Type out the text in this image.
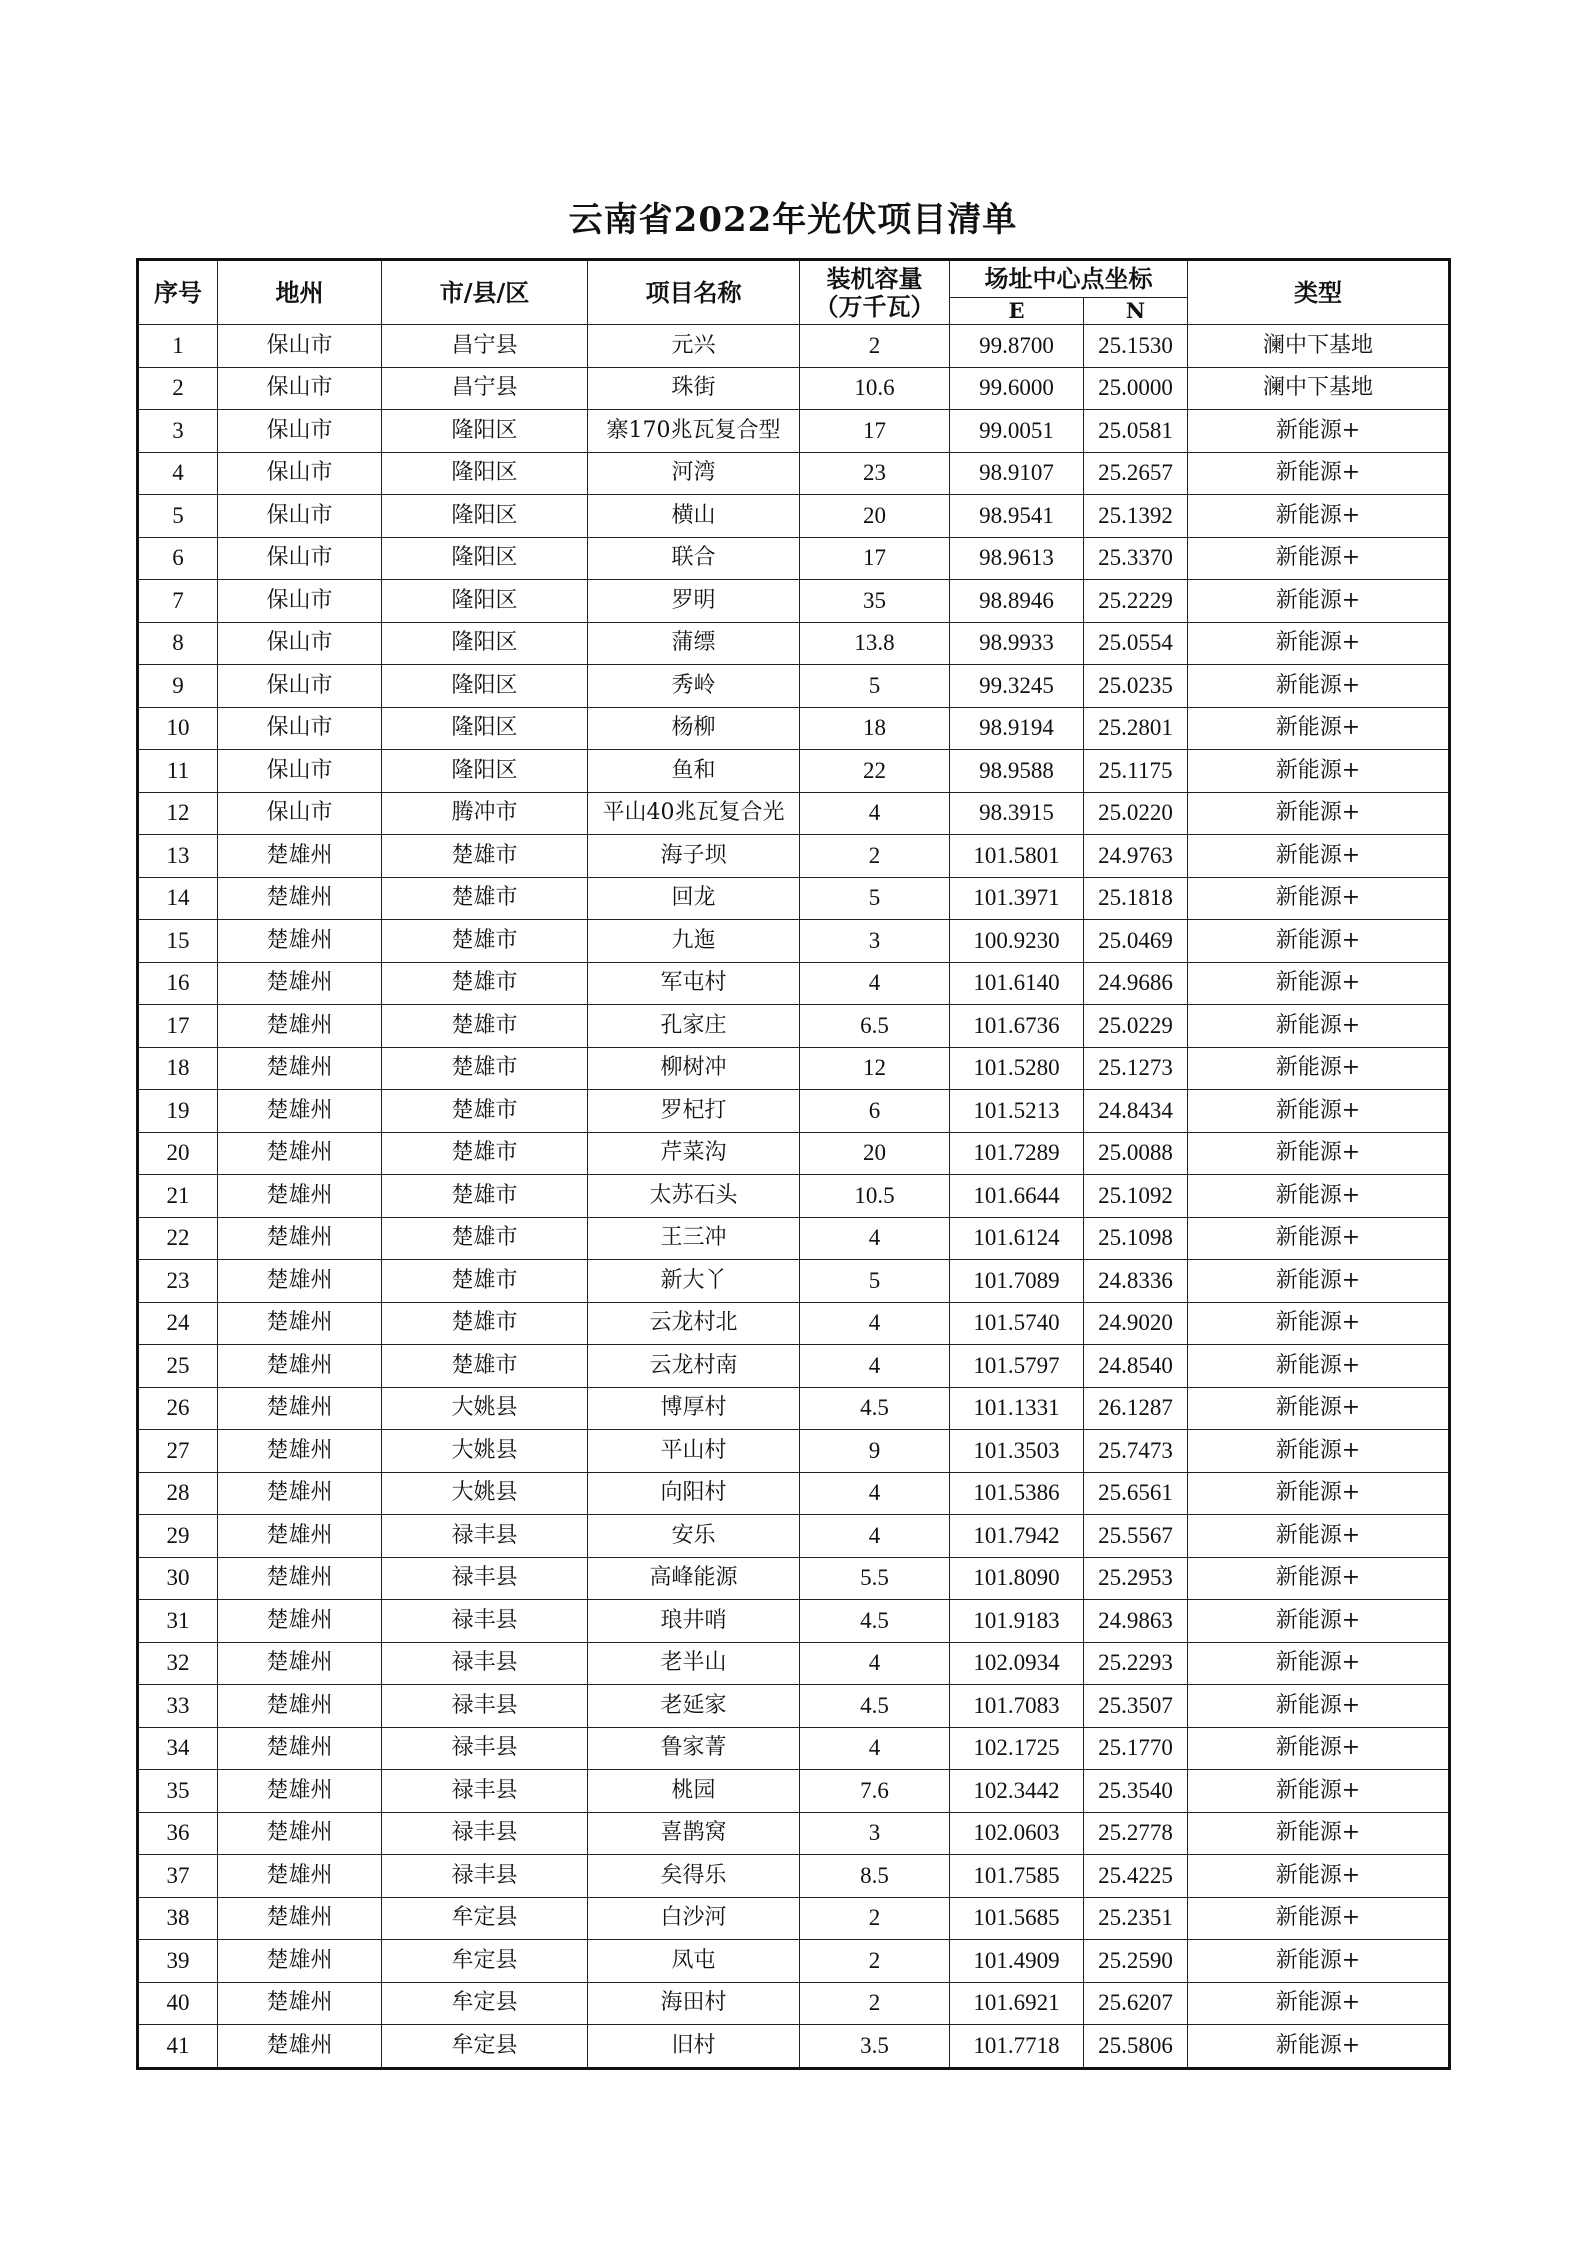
云南省2022年光伏项目清单
序号	地州	市/县/区	项目名称	装机容量
（万千瓦）	场址中心点坐标		类型
					E	N	
1	保山市	昌宁县	元兴	2	99.8700	25.1530	澜中下基地
2	保山市	昌宁县	珠街	10.6	99.6000	25.0000	澜中下基地
3	保山市	隆阳区	寨170兆瓦复合型	17	99.0051	25.0581	新能源+
4	保山市	隆阳区	河湾	23	98.9107	25.2657	新能源+
5	保山市	隆阳区	横山	20	98.9541	25.1392	新能源+
6	保山市	隆阳区	联合	17	98.9613	25.3370	新能源+
7	保山市	隆阳区	罗明	35	98.8946	25.2229	新能源+
8	保山市	隆阳区	蒲缥	13.8	98.9933	25.0554	新能源+
9	保山市	隆阳区	秀岭	5	99.3245	25.0235	新能源+
10	保山市	隆阳区	杨柳	18	98.9194	25.2801	新能源+
11	保山市	隆阳区	鱼和	22	98.9588	25.1175	新能源+
12	保山市	腾冲市	平山40兆瓦复合光	4	98.3915	25.0220	新能源+
13	楚雄州	楚雄市	海子坝	2	101.5801	24.9763	新能源+
14	楚雄州	楚雄市	回龙	5	101.3971	25.1818	新能源+
15	楚雄州	楚雄市	九迤	3	100.9230	25.0469	新能源+
16	楚雄州	楚雄市	军屯村	4	101.6140	24.9686	新能源+
17	楚雄州	楚雄市	孔家庄	6.5	101.6736	25.0229	新能源+
18	楚雄州	楚雄市	柳树冲	12	101.5280	25.1273	新能源+
19	楚雄州	楚雄市	罗杞打	6	101.5213	24.8434	新能源+
20	楚雄州	楚雄市	芹菜沟	20	101.7289	25.0088	新能源+
21	楚雄州	楚雄市	太苏石头	10.5	101.6644	25.1092	新能源+
22	楚雄州	楚雄市	王三冲	4	101.6124	25.1098	新能源+
23	楚雄州	楚雄市	新大丫	5	101.7089	24.8336	新能源+
24	楚雄州	楚雄市	云龙村北	4	101.5740	24.9020	新能源+
25	楚雄州	楚雄市	云龙村南	4	101.5797	24.8540	新能源+
26	楚雄州	大姚县	博厚村	4.5	101.1331	26.1287	新能源+
27	楚雄州	大姚县	平山村	9	101.3503	25.7473	新能源+
28	楚雄州	大姚县	向阳村	4	101.5386	25.6561	新能源+
29	楚雄州	禄丰县	安乐	4	101.7942	25.5567	新能源+
30	楚雄州	禄丰县	高峰能源	5.5	101.8090	25.2953	新能源+
31	楚雄州	禄丰县	琅井哨	4.5	101.9183	24.9863	新能源+
32	楚雄州	禄丰县	老半山	4	102.0934	25.2293	新能源+
33	楚雄州	禄丰县	老延家	4.5	101.7083	25.3507	新能源+
34	楚雄州	禄丰县	鲁家菁	4	102.1725	25.1770	新能源+
35	楚雄州	禄丰县	桃园	7.6	102.3442	25.3540	新能源+
36	楚雄州	禄丰县	喜鹊窝	3	102.0603	25.2778	新能源+
37	楚雄州	禄丰县	矣得乐	8.5	101.7585	25.4225	新能源+
38	楚雄州	牟定县	白沙河	2	101.5685	25.2351	新能源+
39	楚雄州	牟定县	凤屯	2	101.4909	25.2590	新能源+
40	楚雄州	牟定县	海田村	2	101.6921	25.6207	新能源+
41	楚雄州	牟定县	旧村	3.5	101.7718	25.5806	新能源+
